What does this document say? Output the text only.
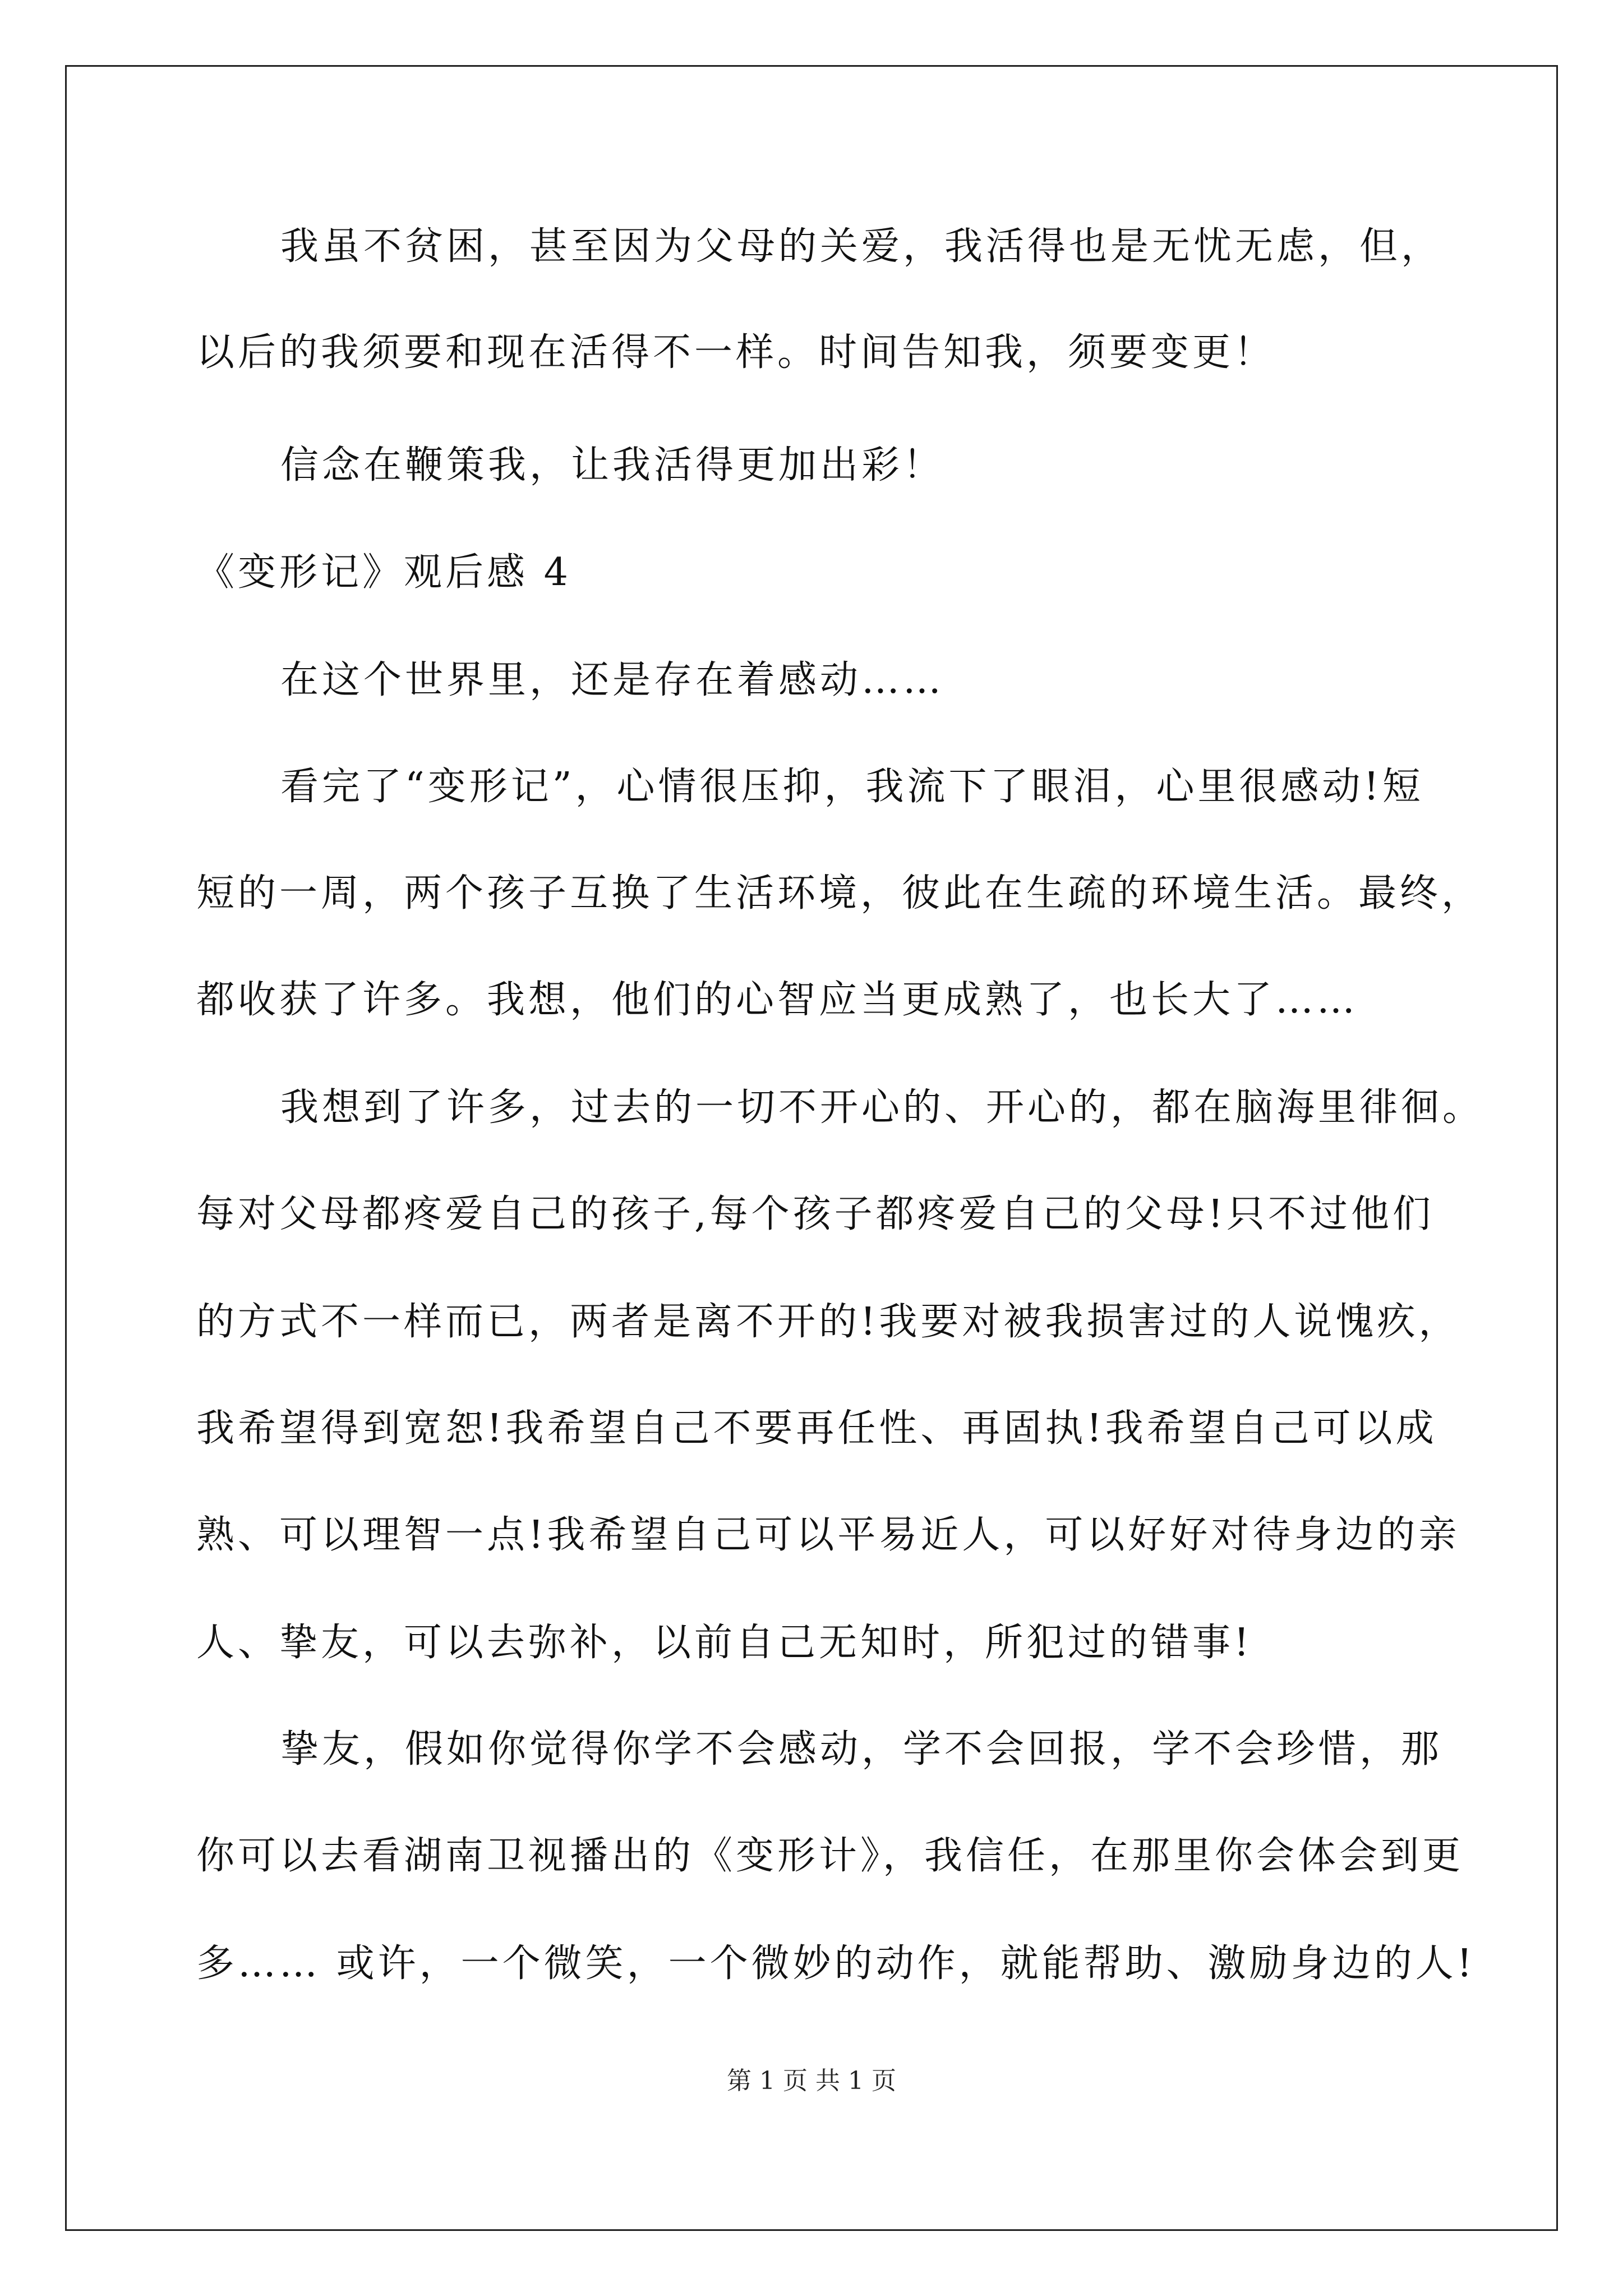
我虽不贫困，甚至因为父母的关爱，我活得也是无忧无虑，但，
以后的我须要和现在活得不一样。时间告知我，须要变更！
信念在鞭策我，让我活得更加出彩！
《变形记》观后感 4
在这个世界里，还是存在着感动……
看完了“变形记”，心情很压抑，我流下了眼泪，心里很感动!短
短的一周，两个孩子互换了生活环境，彼此在生疏的环境生活。最终，
都收获了许多。我想，他们的心智应当更成熟了，也长大了……
我想到了许多，过去的一切不开心的、开心的，都在脑海里徘徊。
每对父母都疼爱自己的孩子,每个孩子都疼爱自己的父母!只不过他们
的方式不一样而已，两者是离不开的!我要对被我损害过的人说愧疚，
我希望得到宽恕!我希望自己不要再任性、再固执!我希望自己可以成
熟、可以理智一点!我希望自己可以平易近人，可以好好对待身边的亲
人、挚友，可以去弥补，以前自己无知时，所犯过的错事!
挚友，假如你觉得你学不会感动，学不会回报，学不会珍惜，那
你可以去看湖南卫视播出的《变形计》，我信任，在那里你会体会到更
多…… 或许，一个微笑，一个微妙的动作，就能帮助、激励身边的人!
第 1 页 共 1 页
